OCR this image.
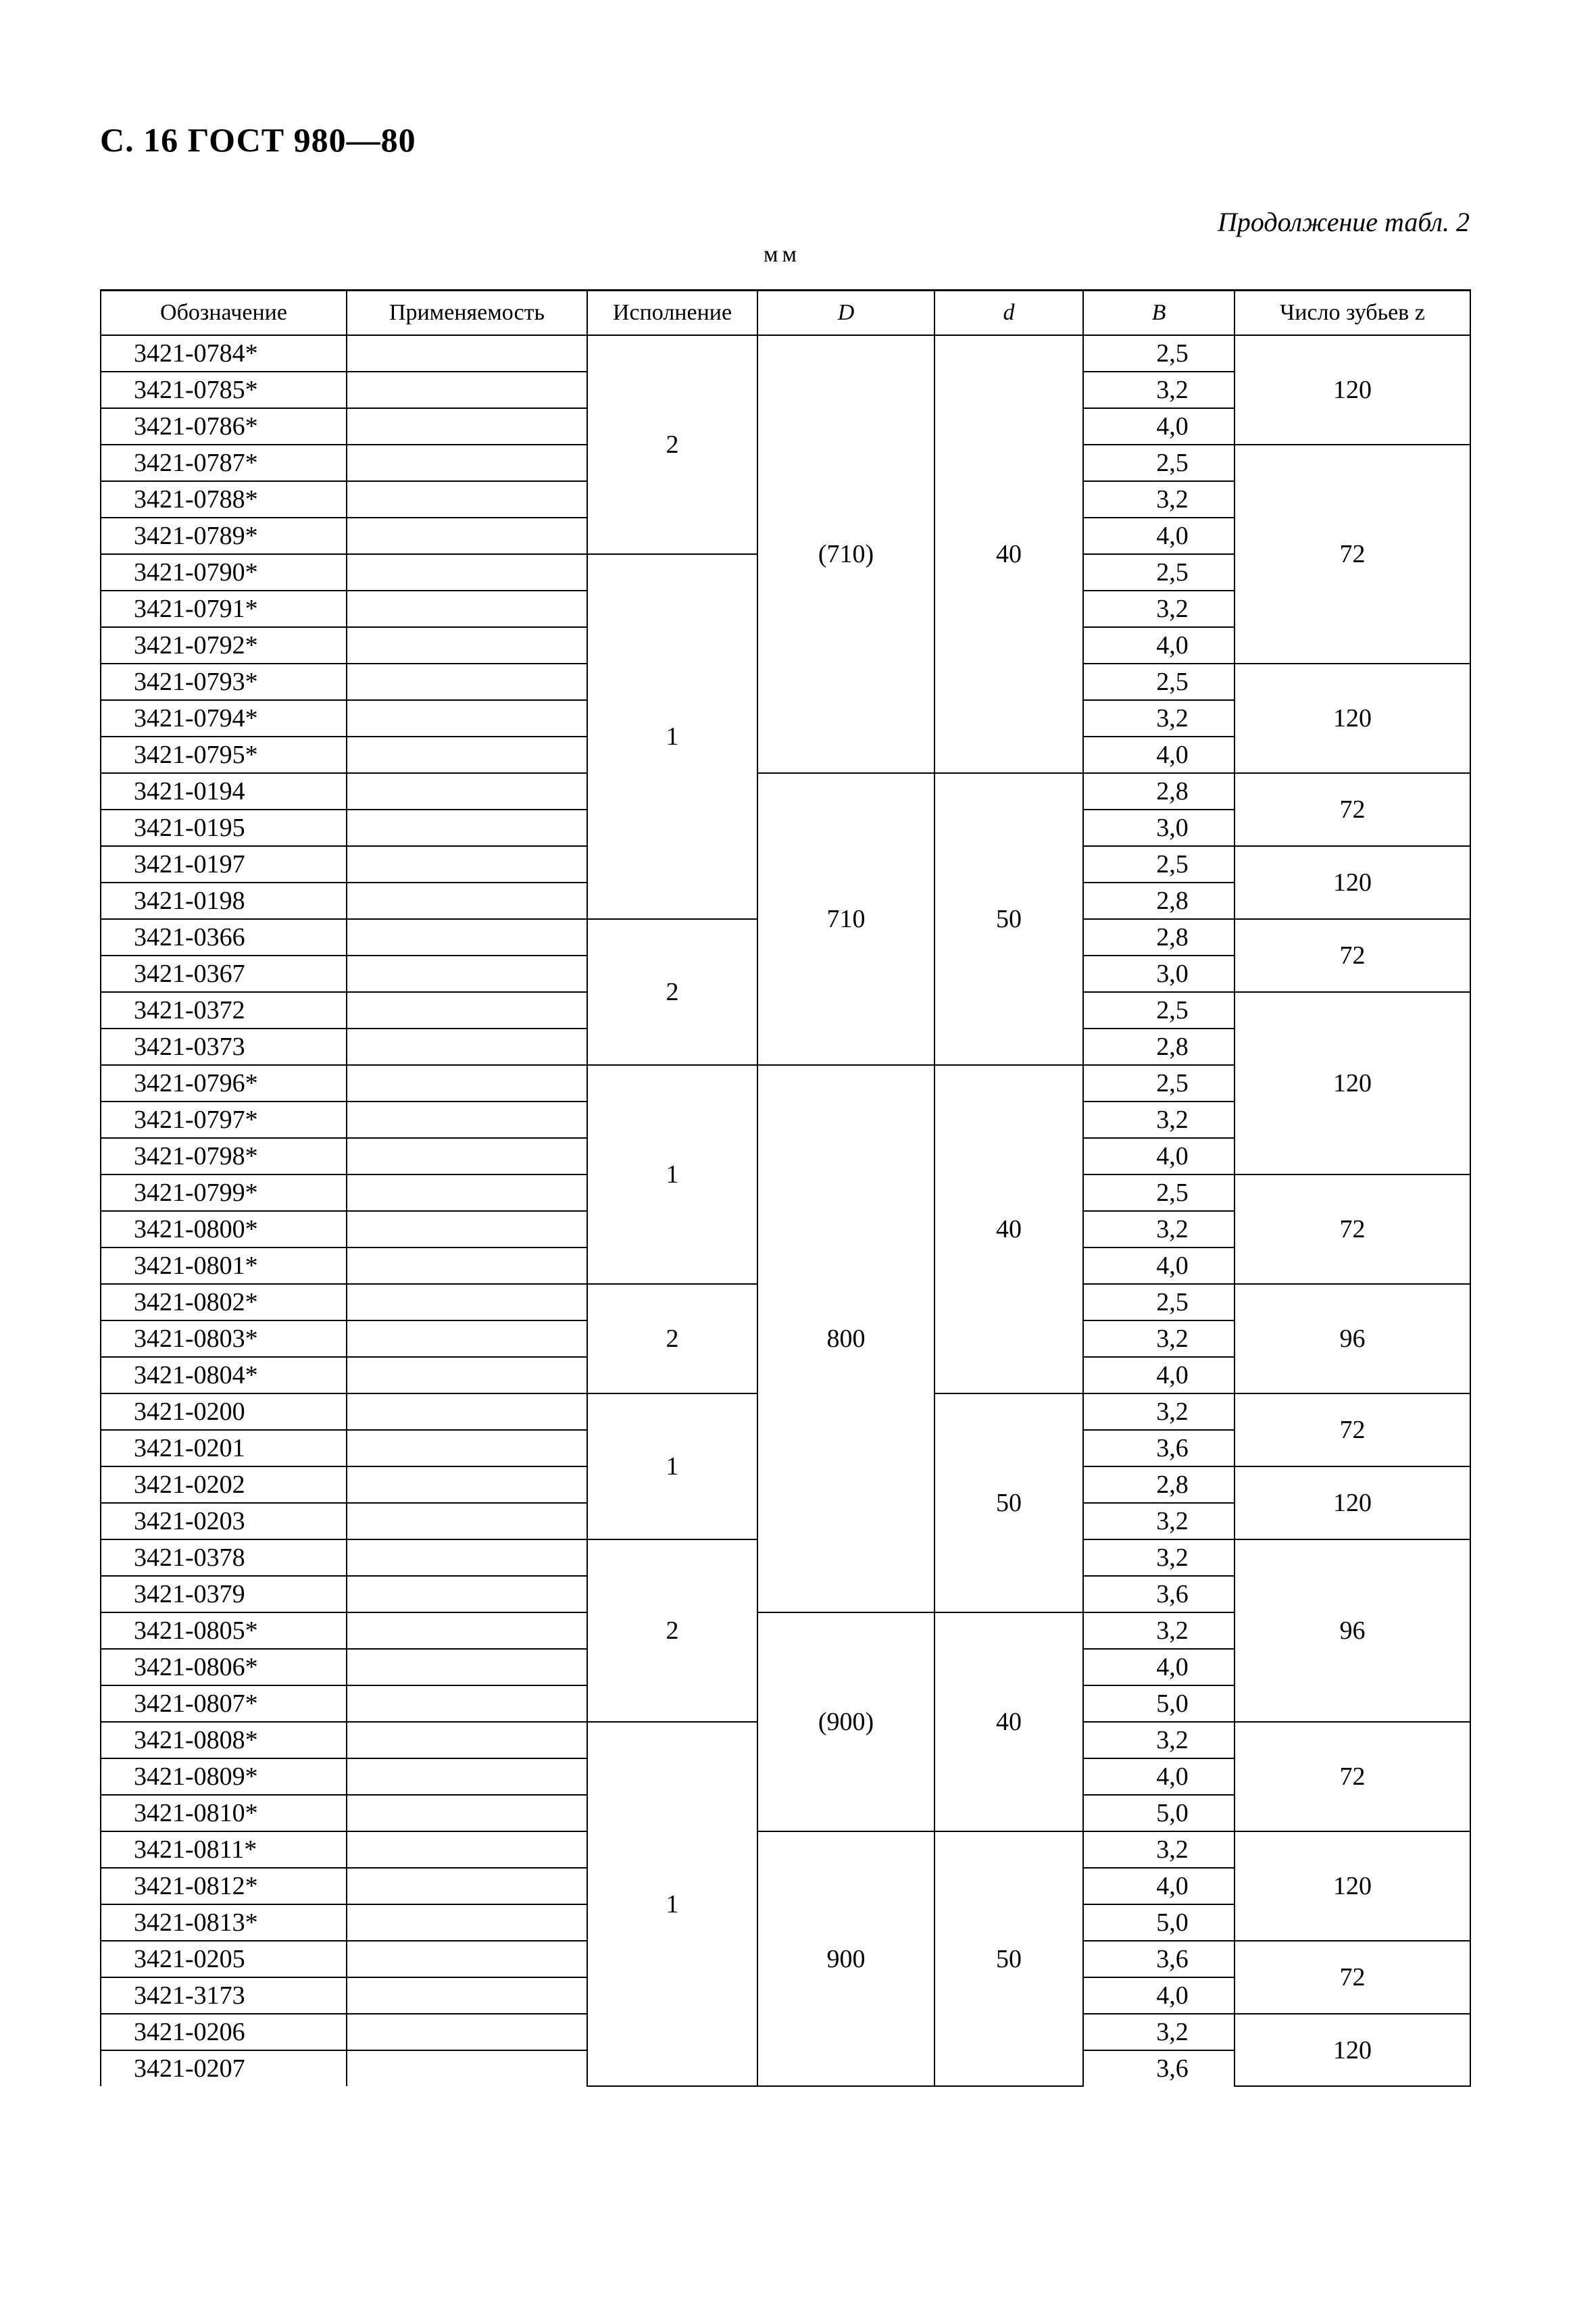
С. 16 ГОСТ 980—80
Продолжение табл. 2
мм
Обозначение	Применяемость	Исполнение	D	d	B	Число зубьев z
3421-0784*		2	(710)	40	2,5	120
3421-0785*					3,2	
3421-0786*					4,0	
3421-0787*					2,5	72
3421-0788*					3,2	
3421-0789*					4,0	
3421-0790*		1			2,5	
3421-0791*					3,2	
3421-0792*					4,0	
3421-0793*					2,5	120
3421-0794*					3,2	
3421-0795*					4,0	
3421-0194			710	50	2,8	72
3421-0195					3,0	
3421-0197					2,5	120
3421-0198					2,8	
3421-0366		2			2,8	72
3421-0367					3,0	
3421-0372					2,5	120
3421-0373					2,8	
3421-0796*		1	800	40	2,5	
3421-0797*					3,2	
3421-0798*					4,0	
3421-0799*					2,5	72
3421-0800*					3,2	
3421-0801*					4,0	
3421-0802*		2			2,5	96
3421-0803*					3,2	
3421-0804*					4,0	
3421-0200		1		50	3,2	72
3421-0201					3,6	
3421-0202					2,8	120
3421-0203					3,2	
3421-0378		2			3,2	96
3421-0379					3,6	
3421-0805*			(900)	40	3,2	
3421-0806*					4,0	
3421-0807*					5,0	
3421-0808*		1			3,2	72
3421-0809*					4,0	
3421-0810*					5,0	
3421-0811*			900	50	3,2	120
3421-0812*					4,0	
3421-0813*					5,0	
3421-0205					3,6	72
3421-3173					4,0	
3421-0206					3,2	120
3421-0207					3,6	
